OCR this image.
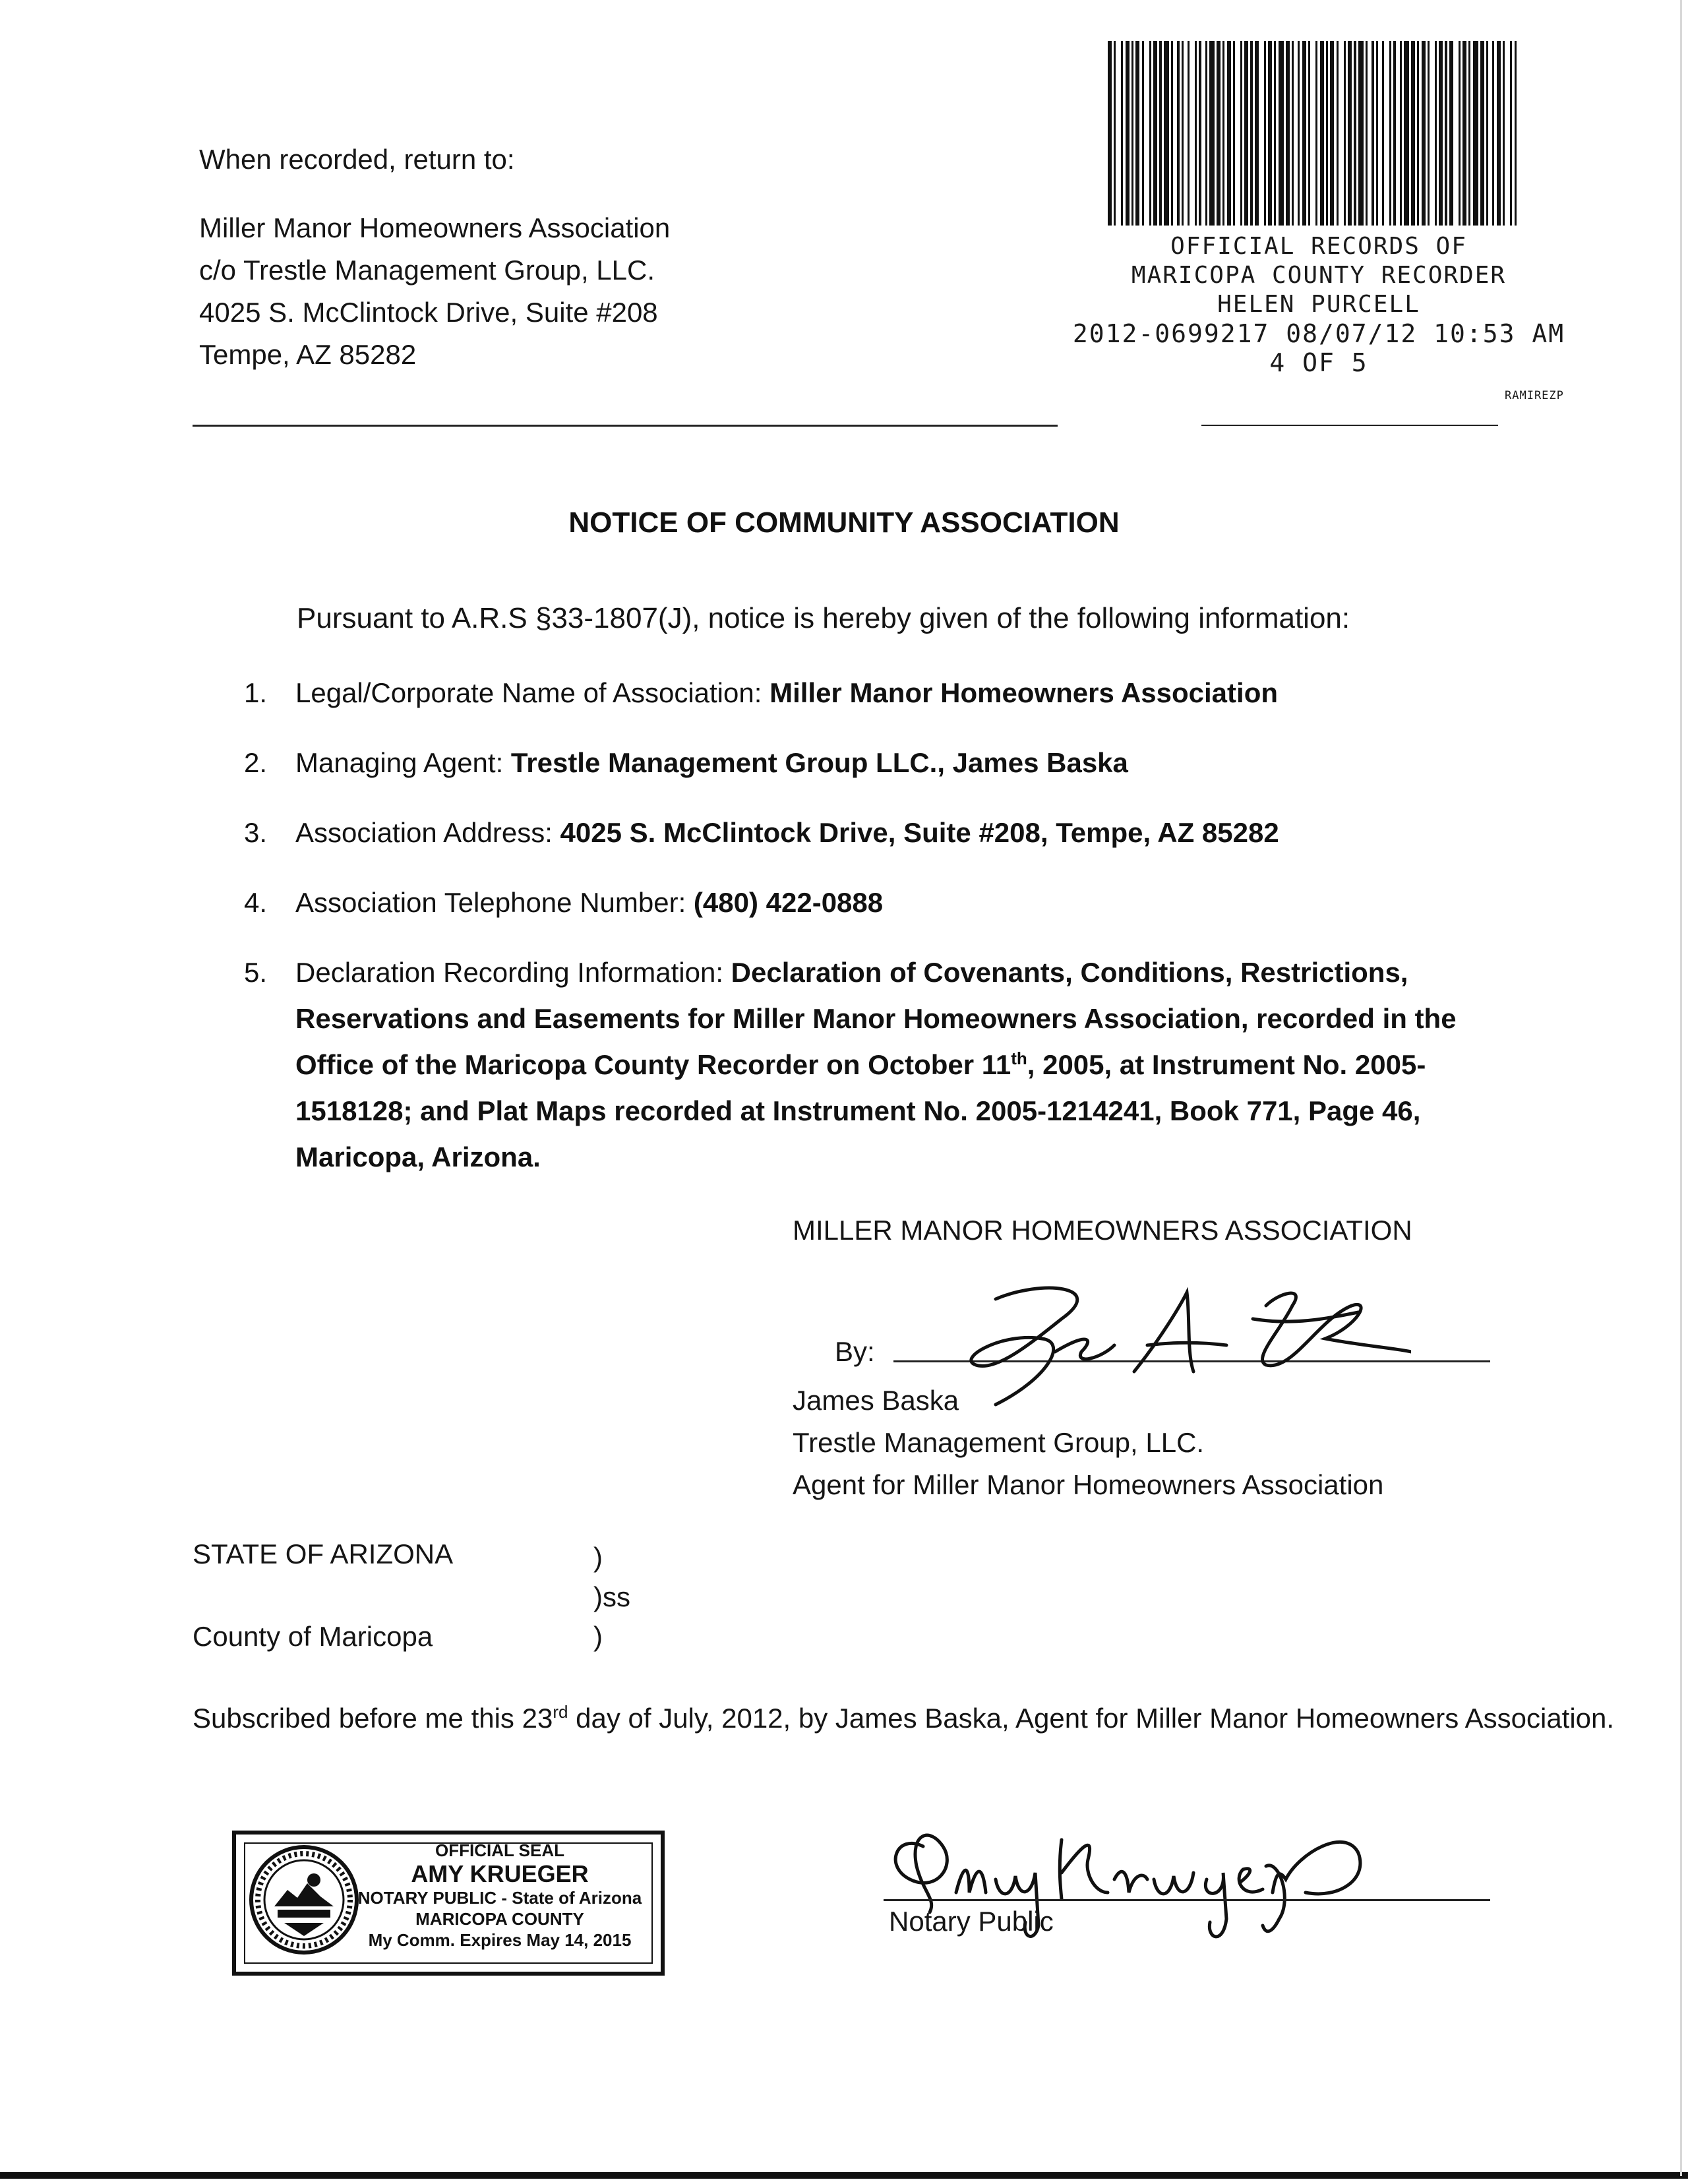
When recorded, return to:
Miller Manor Homeowners Association
c/o Trestle Management Group, LLC.
4025 S. McClintock Drive, Suite #208
Tempe, AZ 85282
OFFICIAL RECORDS OF
MARICOPA COUNTY RECORDER
HELEN PURCELL
2012-0699217 08/07/12 10:53 AM
4 OF 5
RAMIREZP
NOTICE OF COMMUNITY ASSOCIATION
Pursuant to A.R.S §33-1807(J), notice is hereby given of the following information:
1. Legal/Corporate Name of Association: Miller Manor Homeowners Association
2. Managing Agent: Trestle Management Group LLC., James Baska
3. Association Address: 4025 S. McClintock Drive, Suite #208, Tempe, AZ 85282
4. Association Telephone Number: (480) 422-0888
5. Declaration Recording Information: Declaration of Covenants, Conditions, Restrictions, Reservations and Easements for Miller Manor Homeowners Association, recorded in the Office of the Maricopa County Recorder on October 11th, 2005, at Instrument No. 2005-1518128; and Plat Maps recorded at Instrument No. 2005-1214241, Book 771, Page 46, Maricopa, Arizona.
MILLER MANOR HOMEOWNERS ASSOCIATION
By:
James Baska
Trestle Management Group, LLC.
Agent for Miller Manor Homeowners Association
STATE OF ARIZONA	)
)ss
County of Maricopa	)
Subscribed before me this 23rd day of July, 2012, by James Baska, Agent for Miller Manor Homeowners Association.
OFFICIAL SEAL
AMY KRUEGER
NOTARY PUBLIC - State of Arizona
MARICOPA COUNTY
My Comm. Expires May 14, 2015
Notary Public
